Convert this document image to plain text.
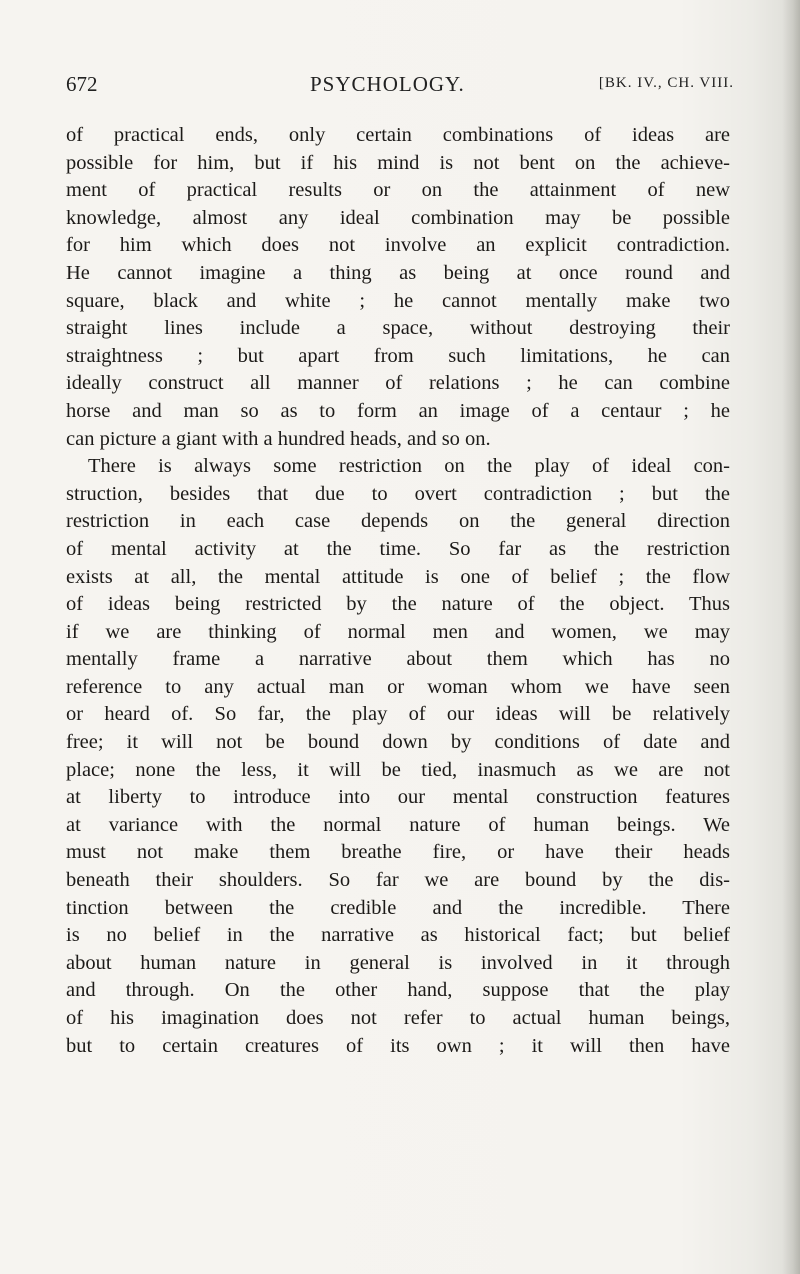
672	PSYCHOLOGY.	[BK. IV., CH. VIII.
of practical ends, only certain combinations of ideas are
possible for him, but if his mind is not bent on the achieve-
ment of practical results or on the attainment of new
knowledge, almost any ideal combination may be possible
for him which does not involve an explicit contradiction.
He cannot imagine a thing as being at once round and
square, black and white ; he cannot mentally make two
straight lines include a space, without destroying their
straightness ; but apart from such limitations, he can
ideally construct all manner of relations ; he can combine
horse and man so as to form an image of a centaur ; he
can picture a giant with a hundred heads, and so on.
There is always some restriction on the play of ideal con-
struction, besides that due to overt contradiction ; but the
restriction in each case depends on the general direction
of mental activity at the time. So far as the restriction
exists at all, the mental attitude is one of belief ; the flow
of ideas being restricted by the nature of the object. Thus
if we are thinking of normal men and women, we may
mentally frame a narrative about them which has no
reference to any actual man or woman whom we have seen
or heard of. So far, the play of our ideas will be relatively
free; it will not be bound down by conditions of date and
place; none the less, it will be tied, inasmuch as we are not
at liberty to introduce into our mental construction features
at variance with the normal nature of human beings. We
must not make them breathe fire, or have their heads
beneath their shoulders. So far we are bound by the dis-
tinction between the credible and the incredible. There
is no belief in the narrative as historical fact; but belief
about human nature in general is involved in it through
and through. On the other hand, suppose that the play
of his imagination does not refer to actual human beings,
but to certain creatures of its own ; it will then have
